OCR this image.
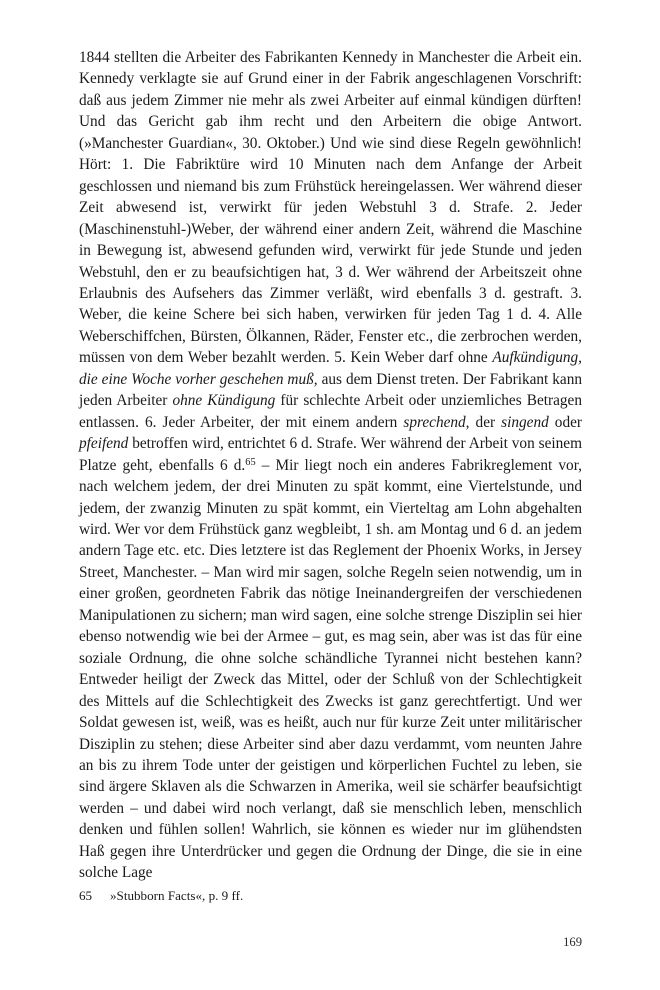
1844 stellten die Arbeiter des Fabrikanten Kennedy in Manchester die Arbeit ein. Kennedy verklagte sie auf Grund einer in der Fabrik angeschlagenen Vorschrift: daß aus jedem Zimmer nie mehr als zwei Arbeiter auf einmal kündigen dürften! Und das Gericht gab ihm recht und den Arbeitern die obige Antwort. (»Manchester Guardian«, 30. Oktober.) Und wie sind diese Regeln gewöhnlich! Hört: 1. Die Fabriktüre wird 10 Minuten nach dem Anfange der Arbeit geschlossen und niemand bis zum Frühstück hereingelassen. Wer während dieser Zeit abwesend ist, verwirkt für jeden Webstuhl 3 d. Strafe. 2. Jeder (Maschinenstuhl-)Weber, der während einer andern Zeit, während die Maschine in Bewegung ist, abwesend gefunden wird, verwirkt für jede Stunde und jeden Webstuhl, den er zu beaufsichtigen hat, 3 d. Wer während der Arbeitszeit ohne Erlaubnis des Aufsehers das Zimmer verläßt, wird ebenfalls 3 d. gestraft. 3. Weber, die keine Schere bei sich haben, verwirken für jeden Tag 1 d. 4. Alle Weberschiffchen, Bürsten, Ölkannen, Räder, Fenster etc., die zerbrochen werden, müssen von dem Weber bezahlt werden. 5. Kein Weber darf ohne Aufkündigung, die eine Woche vorher geschehen muß, aus dem Dienst treten. Der Fabrikant kann jeden Arbeiter ohne Kündigung für schlechte Arbeit oder unziemliches Betragen entlassen. 6. Jeder Arbeiter, der mit einem andern sprechend, der singend oder pfeifend betroffen wird, entrichtet 6 d. Strafe. Wer während der Arbeit von seinem Platze geht, ebenfalls 6 d.$^{65}$ – Mir liegt noch ein anderes Fabrikreglement vor, nach welchem jedem, der drei Minuten zu spät kommt, eine Viertelstunde, und jedem, der zwanzig Minuten zu spät kommt, ein Vierteltag am Lohn abgehalten wird. Wer vor dem Frühstück ganz wegbleibt, 1 sh. am Montag und 6 d. an jedem andern Tage etc. etc. Dies letztere ist das Reglement der Phoenix Works, in Jersey Street, Manchester. – Man wird mir sagen, solche Regeln seien notwendig, um in einer großen, geordneten Fabrik das nötige Ineinandergreifen der verschiedenen Manipulationen zu sichern; man wird sagen, eine solche strenge Disziplin sei hier ebenso notwendig wie bei der Armee – gut, es mag sein, aber was ist das für eine soziale Ordnung, die ohne solche schändliche Tyrannei nicht bestehen kann? Entweder heiligt der Zweck das Mittel, oder der Schluß von der Schlechtigkeit des Mittels auf die Schlechtigkeit des Zwecks ist ganz gerechtfertigt. Und wer Soldat gewesen ist, weiß, was es heißt, auch nur für kurze Zeit unter militärischer Disziplin zu stehen; diese Arbeiter sind aber dazu verdammt, vom neunten Jahre an bis zu ihrem Tode unter der geistigen und körperlichen Fuchtel zu leben, sie sind ärgere Sklaven als die Schwarzen in Amerika, weil sie schärfer beaufsichtigt werden – und dabei wird noch verlangt, daß sie menschlich leben, menschlich denken und fühlen sollen! Wahrlich, sie können es wieder nur im glühendsten Haß gegen ihre Unterdrücker und gegen die Ordnung der Dinge, die sie in eine solche Lage

65 »Stubborn Facts«, p. 9 ff.
169
